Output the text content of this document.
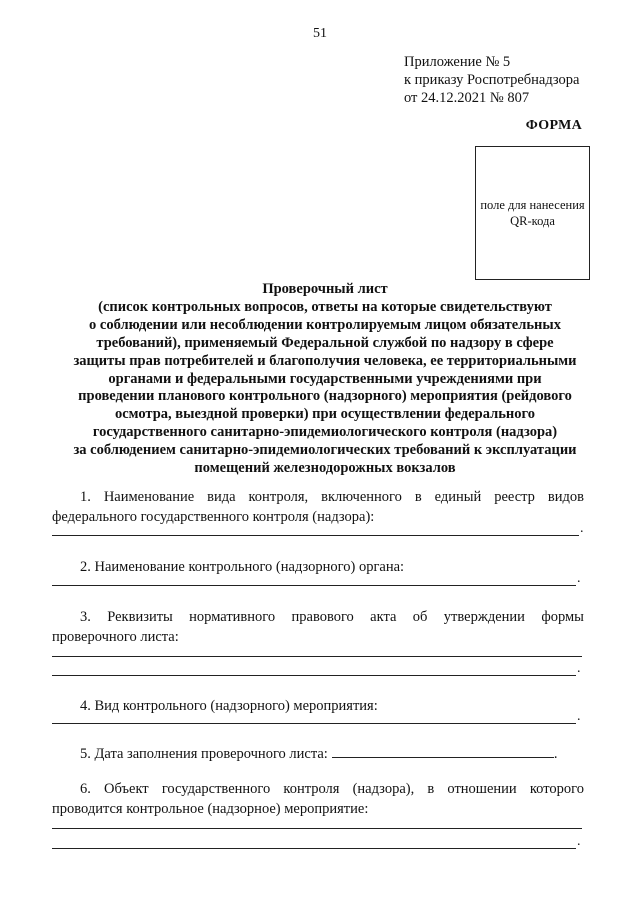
51
Приложение № 5
к приказу Роспотребнадзора
от 24.12.2021 № 807
ФОРМА
поле для нанесения
QR-кода
Проверочный лист
(список контрольных вопросов, ответы на которые свидетельствуют
о соблюдении или несоблюдении контролируемым лицом обязательных
требований), применяемый Федеральной службой по надзору в сфере
защиты прав потребителей и благополучия человека, ее территориальными
органами и федеральными государственными учреждениями при
проведении планового контрольного (надзорного) мероприятия (рейдового
осмотра, выездной проверки) при осуществлении федерального
государственного санитарно-эпидемиологического контроля (надзора)
за соблюдением санитарно-эпидемиологических требований к эксплуатации
помещений железнодорожных вокзалов
1. Наименование вида контроля, включенного в единый реестр видов
федерального государственного контроля (надзора):
.
2. Наименование контрольного (надзорного) органа:
.
3. Реквизиты нормативного правового акта об утверждении формы
проверочного листа:
.
4. Вид контрольного (надзорного) мероприятия:
.
5. Дата заполнения проверочного листа:	.
6. Объект государственного контроля (надзора), в отношении которого
проводится контрольное (надзорное) мероприятие:
.
